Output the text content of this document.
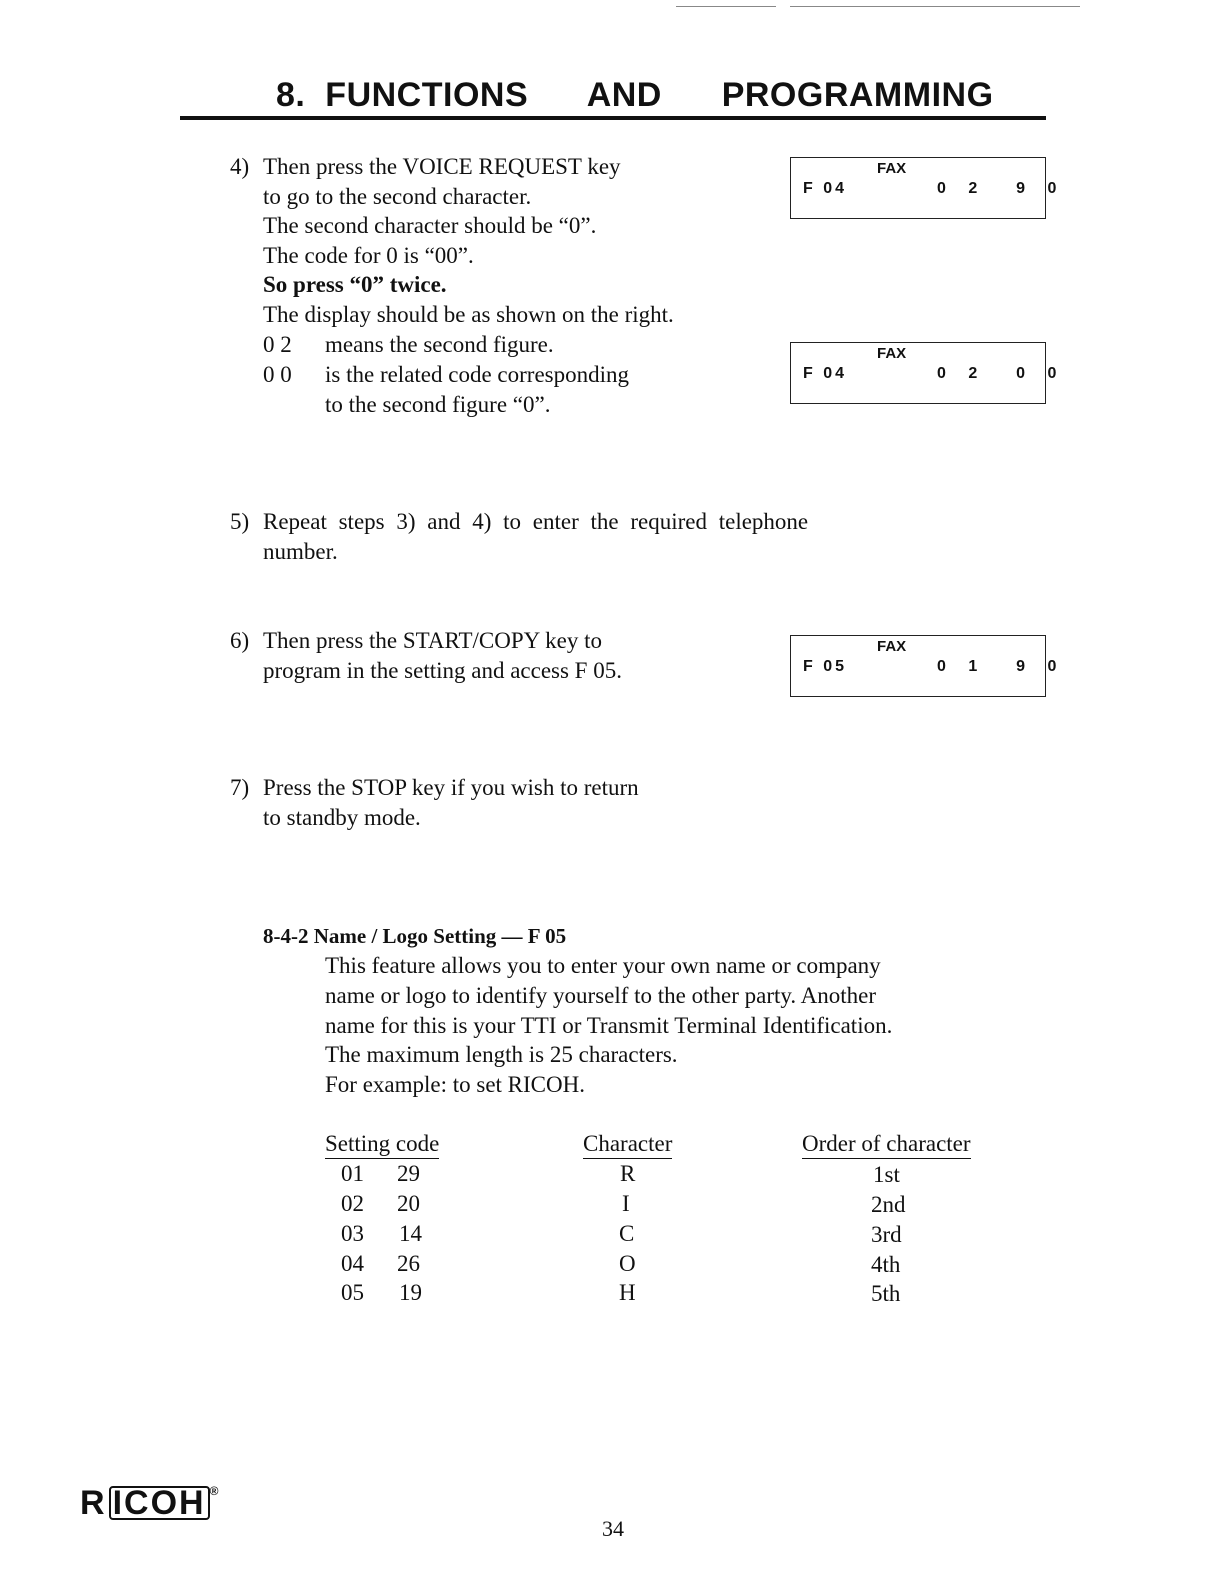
8. FUNCTIONS   AND   PROGRAMMING
4) Then press the VOICE REQUEST key
to go to the second character.
The second character should be “0”.
The code for 0 is “00”.
So press “0” twice.
The display should be as shown on the right.
0 2 means the second figure.
0 0 is the related code corresponding
to the second figure “0”.
FAX
F 04	0 2  9 0
FAX
F 04	0 2  0 0
FAX
F 05	0 1  9 0
5) Repeat steps 3) and 4) to enter the required telephone
number.
6) Then press the START/COPY key to
program in the setting and access F 05.
7) Press the STOP key if you wish to return
to standby mode.
8-4-2 Name / Logo Setting — F 05
This feature allows you to enter your own name or company
name or logo to identify yourself to the other party. Another
name for this is your TTI or Transmit Terminal Identification.
The maximum length is 25 characters.
For example: to set RICOH.
Setting code	Character	Order of character
01 29	R	1st
02 20	I	2nd
03 14	C	3rd
04 26	O	4th
05 19	H	5th
R ICOH ®
34
